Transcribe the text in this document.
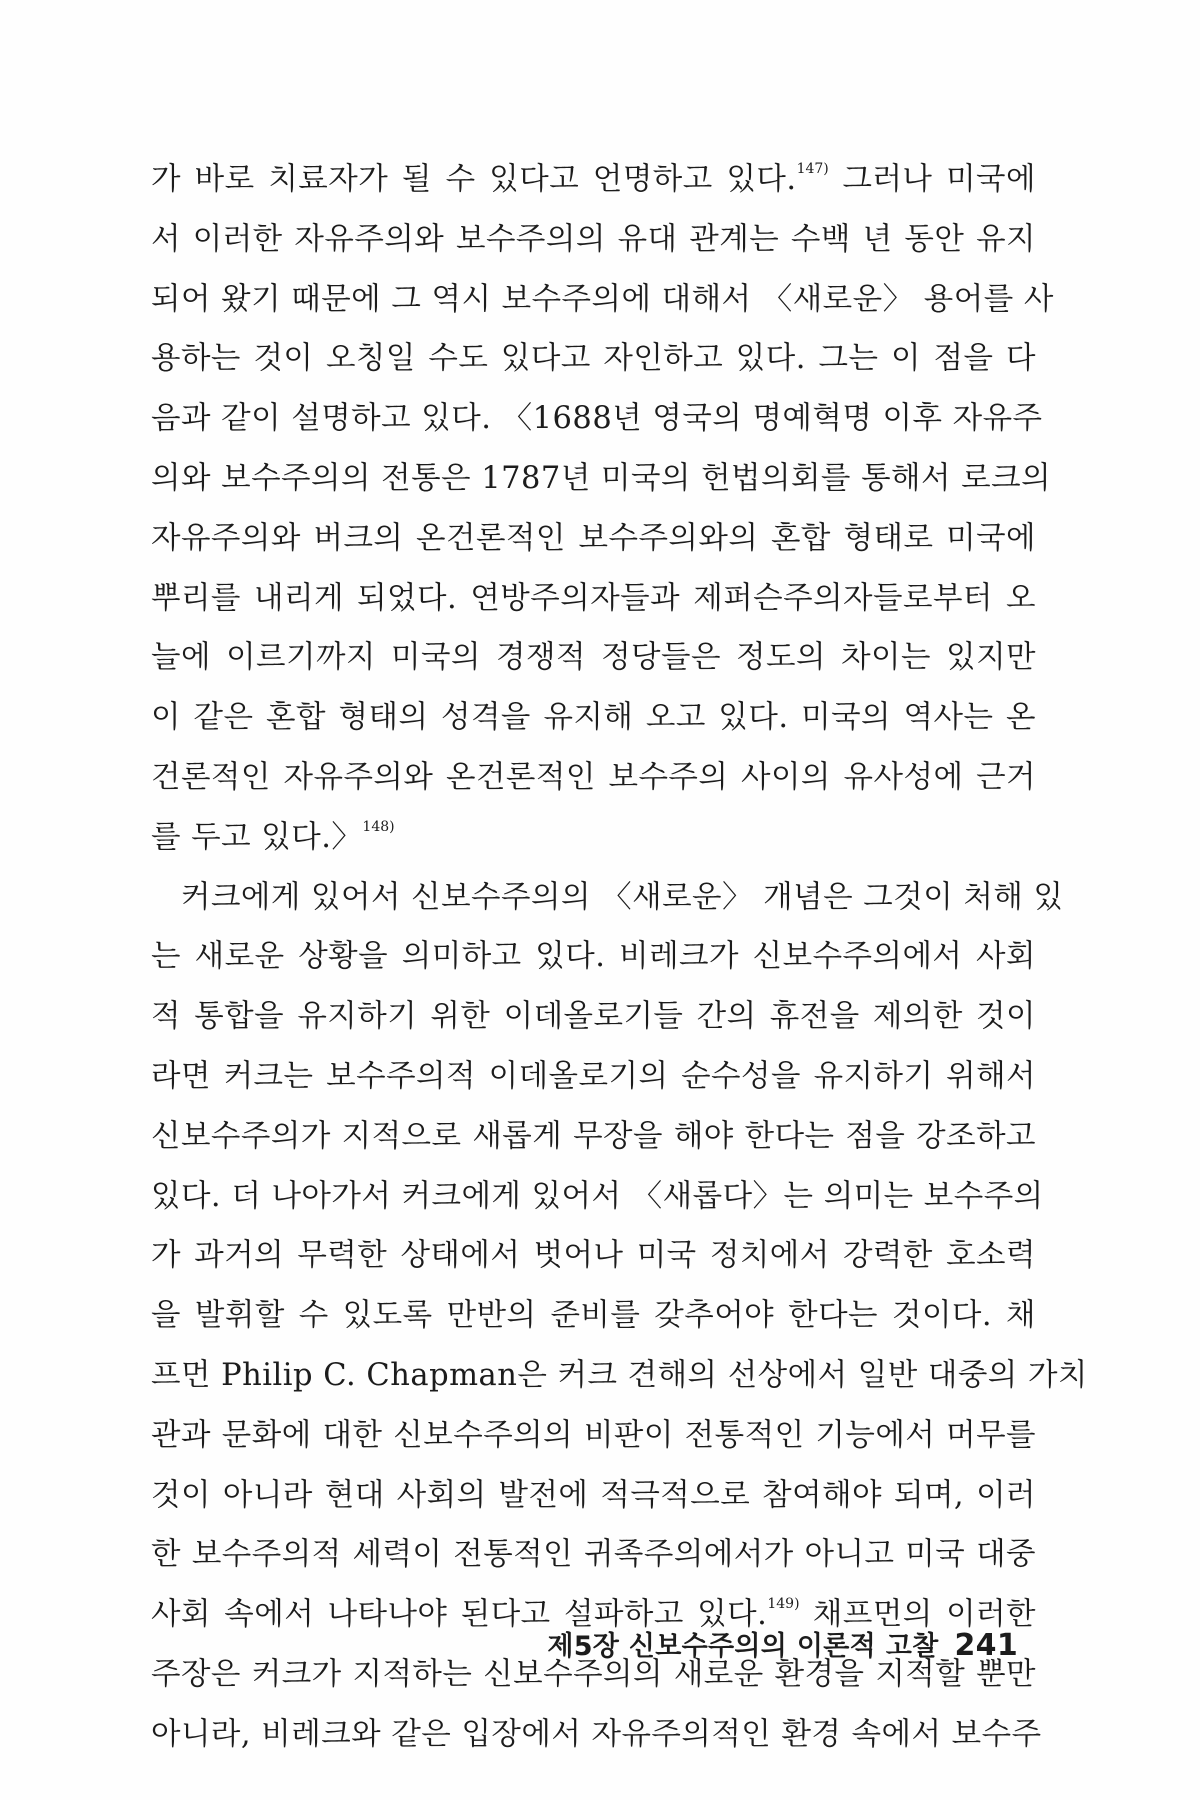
가 바로 치료자가 될 수 있다고 언명하고 있다.$^{147)}$ 그러나 미국에
서 이러한 자유주의와 보수주의의 유대 관계는 수백 년 동안 유지
되어 왔기 때문에 그 역시 보수주의에 대해서 〈새로운〉 용어를 사
용하는 것이 오칭일 수도 있다고 자인하고 있다. 그는 이 점을 다
음과 같이 설명하고 있다. 〈1688년 영국의 명예혁명 이후 자유주
의와 보수주의의 전통은 1787년 미국의 헌법의회를 통해서 로크의
자유주의와 버크의 온건론적인 보수주의와의 혼합 형태로 미국에
뿌리를 내리게 되었다. 연방주의자들과 제퍼슨주의자들로부터 오
늘에 이르기까지 미국의 경쟁적 정당들은 정도의 차이는 있지만
이 같은 혼합 형태의 성격을 유지해 오고 있다. 미국의 역사는 온
건론적인 자유주의와 온건론적인 보수주의 사이의 유사성에 근거
를 두고 있다.〉$^{148)}$
커크에게 있어서 신보수주의의 〈새로운〉 개념은 그것이 처해 있
는 새로운 상황을 의미하고 있다. 비레크가 신보수주의에서 사회
적 통합을 유지하기 위한 이데올로기들 간의 휴전을 제의한 것이
라면 커크는 보수주의적 이데올로기의 순수성을 유지하기 위해서
신보수주의가 지적으로 새롭게 무장을 해야 한다는 점을 강조하고
있다. 더 나아가서 커크에게 있어서 〈새롭다〉는 의미는 보수주의
가 과거의 무력한 상태에서 벗어나 미국 정치에서 강력한 호소력
을 발휘할 수 있도록 만반의 준비를 갖추어야 한다는 것이다. 채
프먼 Philip C. Chapman은 커크 견해의 선상에서 일반 대중의 가치
관과 문화에 대한 신보수주의의 비판이 전통적인 기능에서 머무를
것이 아니라 현대 사회의 발전에 적극적으로 참여해야 되며, 이러
한 보수주의적 세력이 전통적인 귀족주의에서가 아니고 미국 대중
사회 속에서 나타나야 된다고 설파하고 있다.$^{149)}$ 채프먼의 이러한
주장은 커크가 지적하는 신보수주의의 새로운 환경을 지적할 뿐만
아니라, 비레크와 같은 입장에서 자유주의적인 환경 속에서 보수주
제5장 신보수주의의 이론적 고찰 241
